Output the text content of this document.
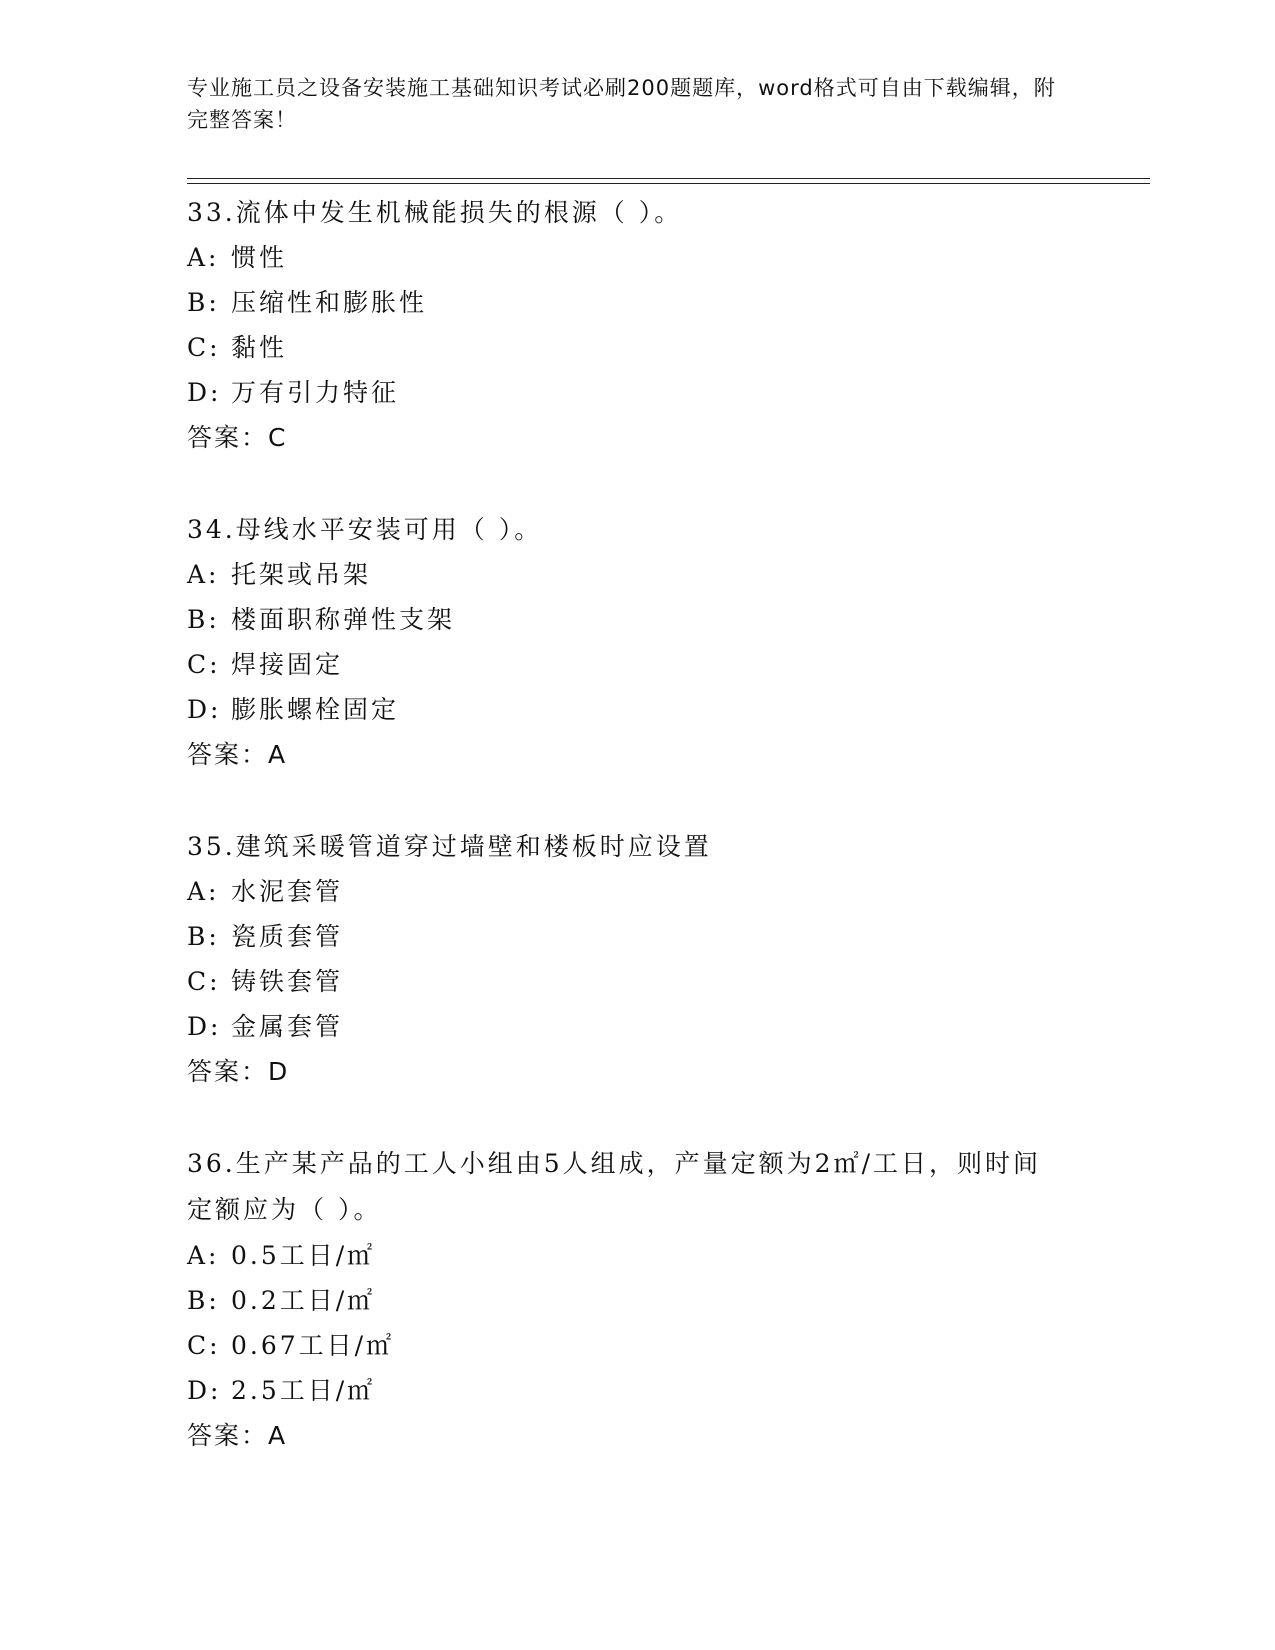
专业施工员之设备安装施工基础知识考试必刷200题题库，word格式可自由下载编辑，附完整答案！
33.流体中发生机械能损失的根源（ ）。
A: 惯性
B: 压缩性和膨胀性
C: 黏性
D: 万有引力特征
答案：C
34.母线水平安装可用（ ）。
A: 托架或吊架
B: 楼面职称弹性支架
C: 焊接固定
D: 膨胀螺栓固定
答案：A
35.建筑采暖管道穿过墙壁和楼板时应设置
A: 水泥套管
B: 瓷质套管
C: 铸铁套管
D: 金属套管
答案：D
36.生产某产品的工人小组由5人组成，产量定额为2㎡/工日，则时间定额应为（ ）。
A: 0.5工日/㎡
B: 0.2工日/㎡
C: 0.67工日/㎡
D: 2.5工日/㎡
答案：A
